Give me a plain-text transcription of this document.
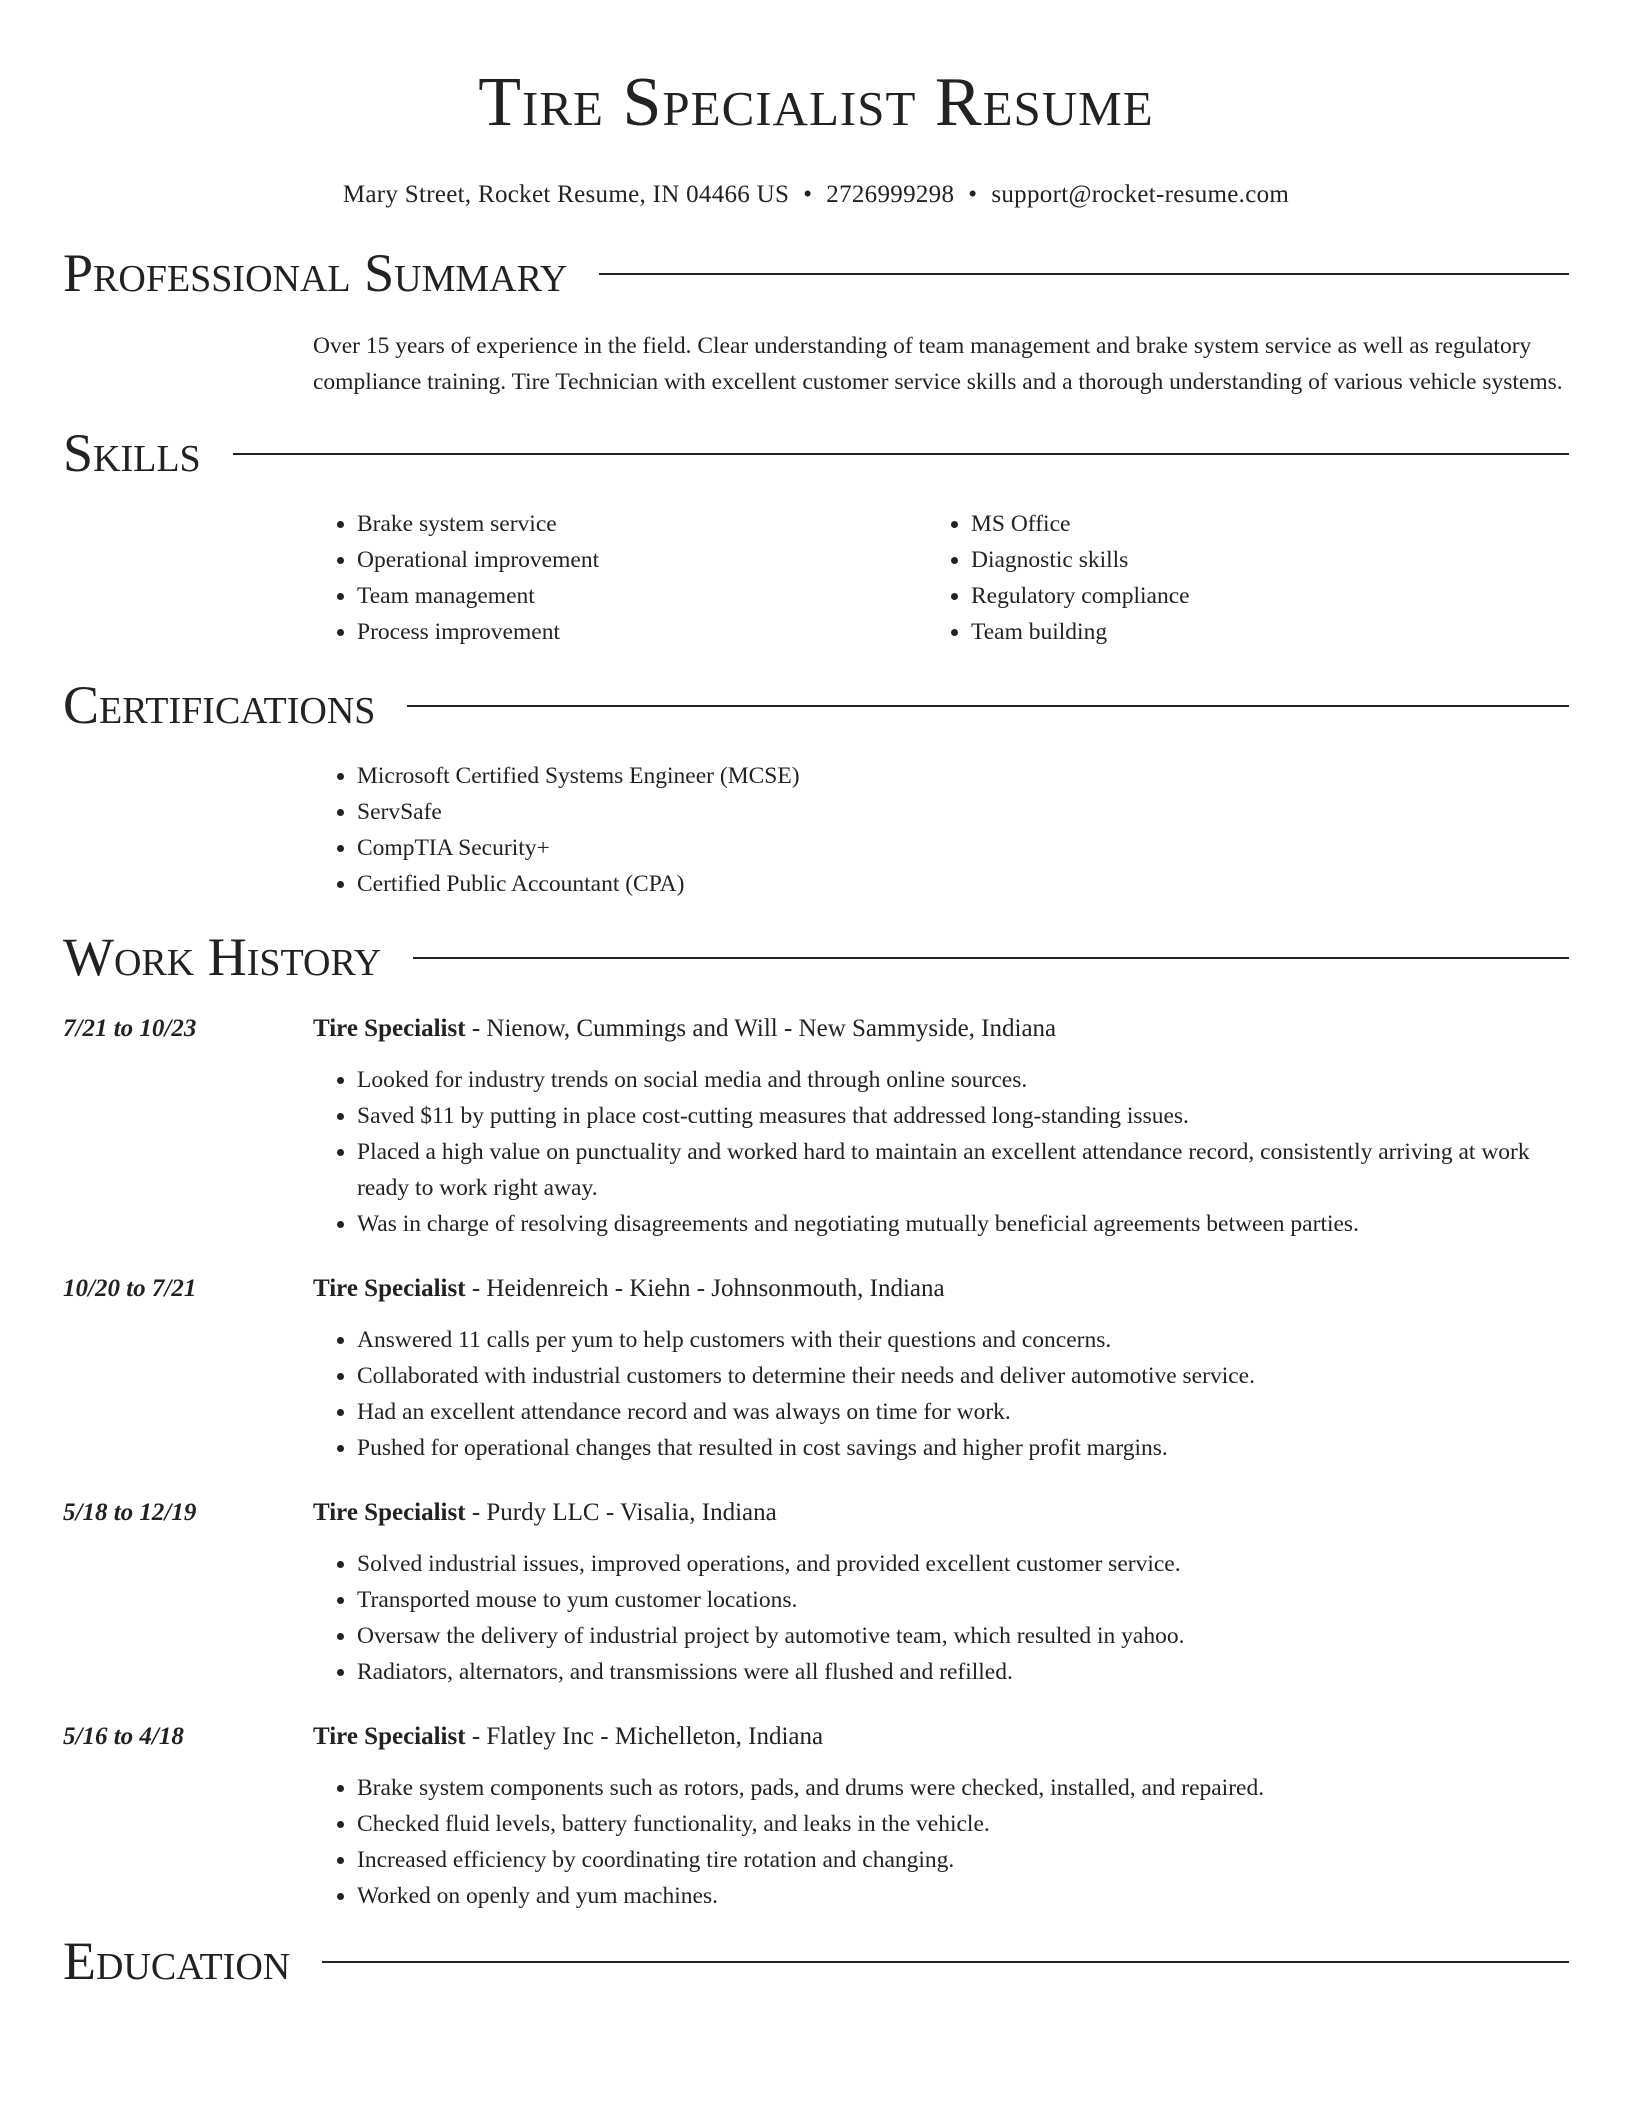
Tire Specialist Resume
Mary Street, Rocket Resume, IN 04466 US • 2726999298 • support@rocket-resume.com
Professional Summary
Over 15 years of experience in the field. Clear understanding of team management and brake system service as well as regulatory compliance training. Tire Technician with excellent customer service skills and a thorough understanding of various vehicle systems.
Skills
• Brake system service
• Operational improvement
• Team management
• Process improvement
• MS Office
• Diagnostic skills
• Regulatory compliance
• Team building
Certifications
• Microsoft Certified Systems Engineer (MCSE)
• ServSafe
• CompTIA Security+
• Certified Public Accountant (CPA)
Work History
7/21 to 10/23	Tire Specialist - Nienow, Cummings and Will - New Sammyside, Indiana
• Looked for industry trends on social media and through online sources.
• Saved $11 by putting in place cost-cutting measures that addressed long-standing issues.
• Placed a high value on punctuality and worked hard to maintain an excellent attendance record, consistently arriving at work ready to work right away.
• Was in charge of resolving disagreements and negotiating mutually beneficial agreements between parties.
10/20 to 7/21	Tire Specialist - Heidenreich - Kiehn - Johnsonmouth, Indiana
• Answered 11 calls per yum to help customers with their questions and concerns.
• Collaborated with industrial customers to determine their needs and deliver automotive service.
• Had an excellent attendance record and was always on time for work.
• Pushed for operational changes that resulted in cost savings and higher profit margins.
5/18 to 12/19	Tire Specialist - Purdy LLC - Visalia, Indiana
• Solved industrial issues, improved operations, and provided excellent customer service.
• Transported mouse to yum customer locations.
• Oversaw the delivery of industrial project by automotive team, which resulted in yahoo.
• Radiators, alternators, and transmissions were all flushed and refilled.
5/16 to 4/18	Tire Specialist - Flatley Inc - Michelleton, Indiana
• Brake system components such as rotors, pads, and drums were checked, installed, and repaired.
• Checked fluid levels, battery functionality, and leaks in the vehicle.
• Increased efficiency by coordinating tire rotation and changing.
• Worked on openly and yum machines.
Education
